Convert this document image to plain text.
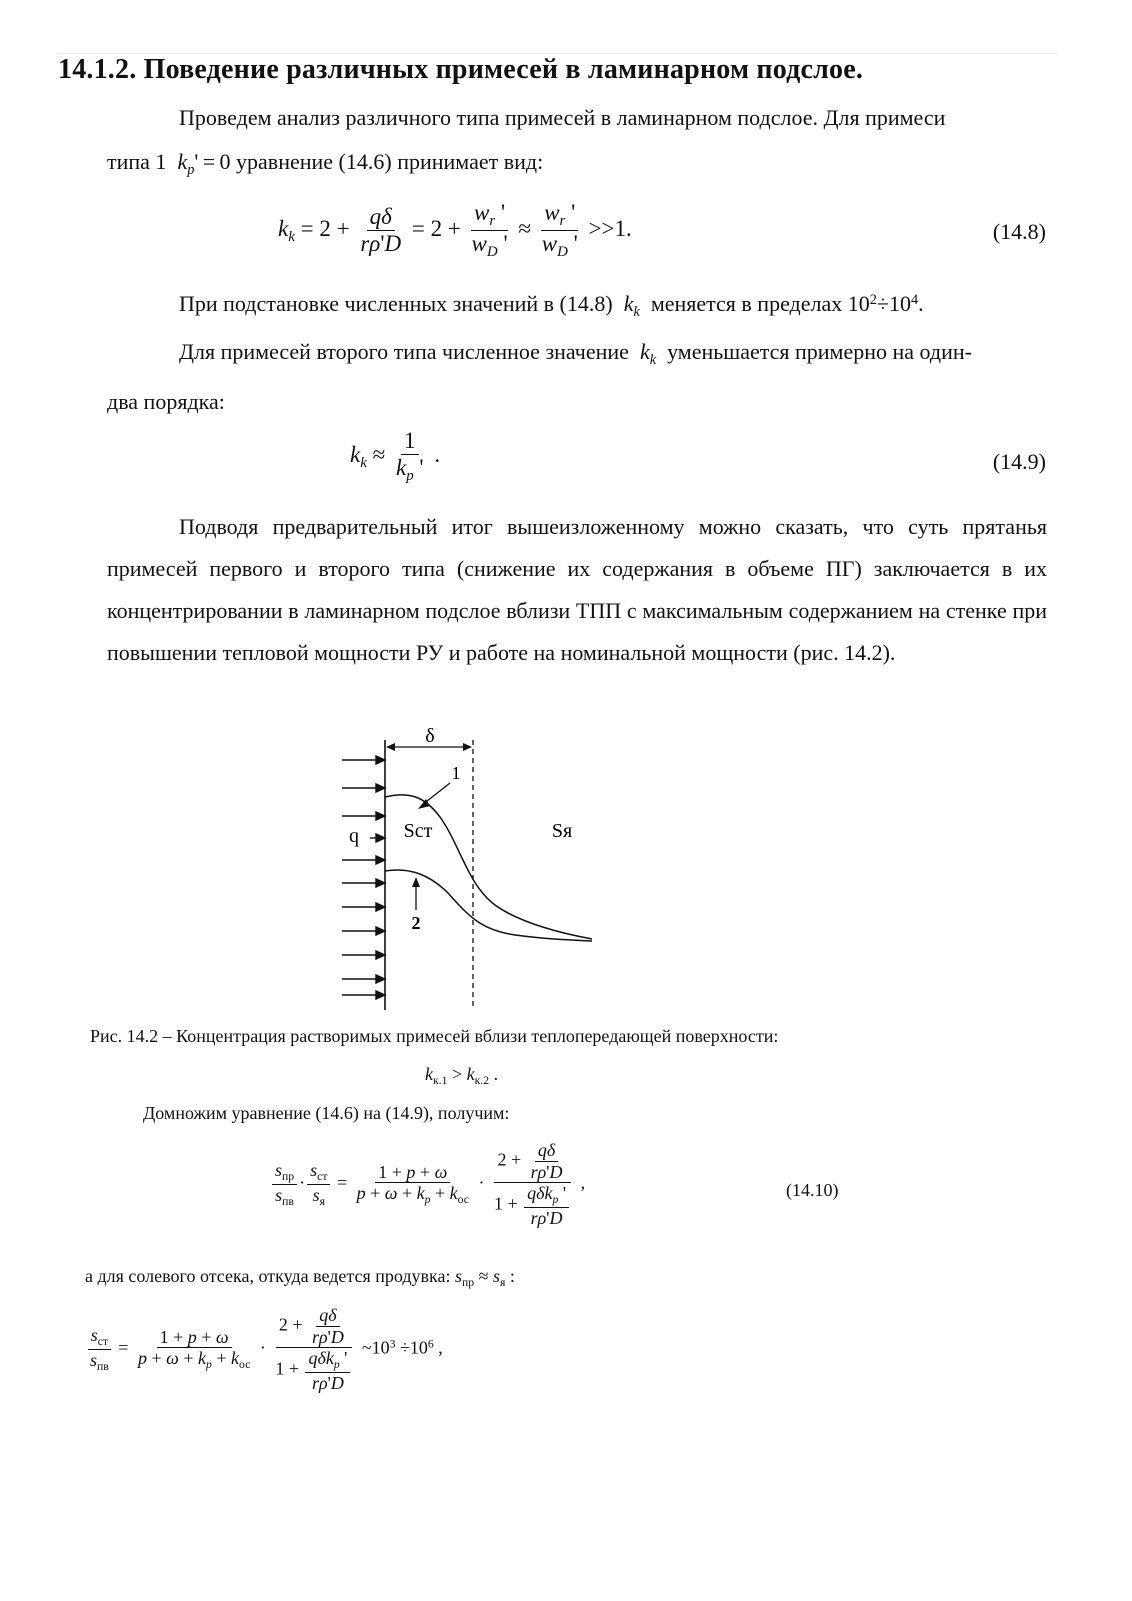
14.1.2. Поведение различных примесей в ламинарном подслое.
Проведем анализ различного типа примесей в ламинарном подслое. Для примеси
типа 1 $k_p' = 0$ уравнение (14.6) принимает вид:
$k_k = 2 + \frac{q\delta}{r\rho'D} = 2 + \frac{w_r '}{w_D '} \approx \frac{w_r '}{w_D '} >>1$.	(14.8)
При подстановке численных значений в (14.8) $k_k$ меняется в пределах $10^2\div 10^4$.
Для примесей второго типа численное значение $k_k$ уменьшается примерно на один-
два порядка:
$k_k \approx \frac{1}{k_p '}$ .	(14.9)
Подводя предварительный итог вышеизложенному можно сказать, что суть прятанья примесей первого и второго типа (снижение их содержания в объеме ПГ) заключается в их концентрировании в ламинарном подслое вблизи ТПП с максимальным содержанием на стенке при повышении тепловой мощности РУ и работе на номинальной мощности (рис. 14.2).
δ
q
1
2
Sст	Sя
Рис. 14.2 – Концентрация растворимых примесей вблизи теплопередающей поверхности:
$k_{к.1} > k_{к.2}$ .
Домножим уравнение (14.6) на (14.9), получим:
$\frac{s_{пр}}{s_{пв}} \cdot \frac{s_{ст}}{s_я} = \frac{1 + p + \omega}{p + \omega + k_p + k_{ос}} \cdot \frac{2 + \frac{q\delta}{r\rho'D}}{1 + \frac{q\delta k_p '}{r\rho'D}}$ ,	(14.10)
а для солевого отсека, откуда ведется продувка: $s_{пр} \approx s_я$ :
$\frac{s_{ст}}{s_{пв}} = \frac{1 + p + \omega}{p + \omega + k_p + k_{ос}} \cdot \frac{2 + \frac{q\delta}{r\rho'D}}{1 + \frac{q\delta k_p '}{r\rho'D}}$ $\sim 10^3 \div 10^6$ ,
